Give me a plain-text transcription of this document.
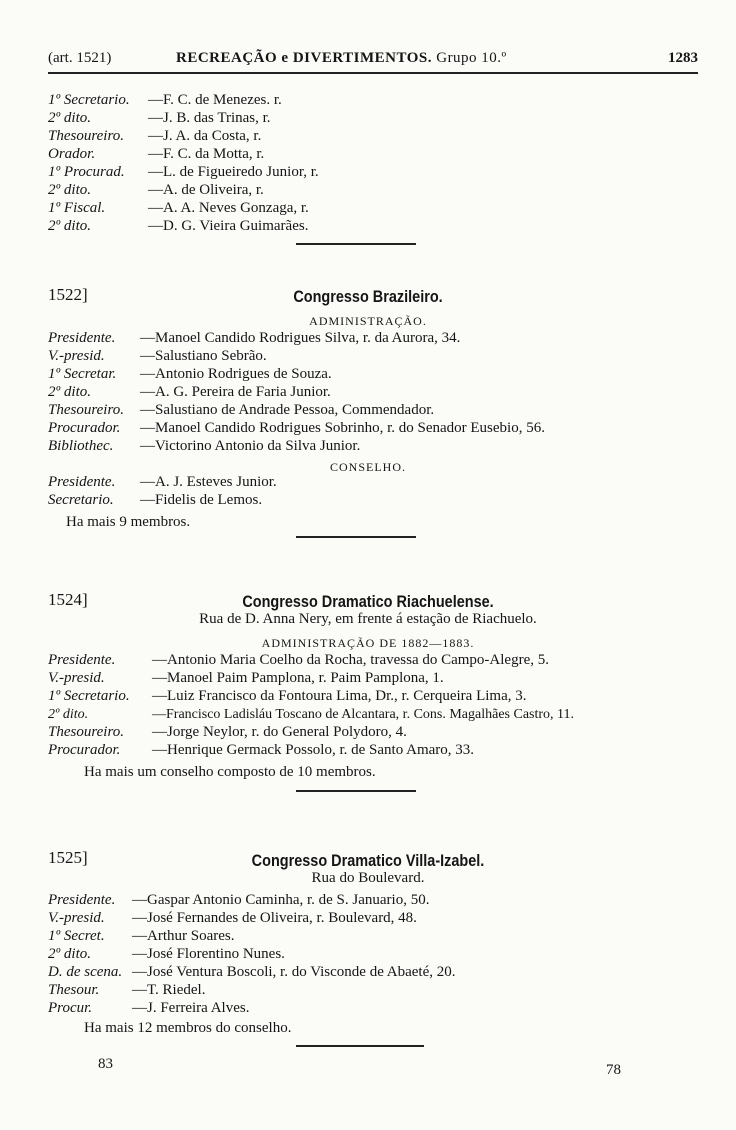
(art. 1521)	RECREAÇÃO e DIVERTIMENTOS. Grupo 10.º	1283
1º Secretario. —F. C. de Menezes. r.
2º dito.	—J. B. das Trinas, r.
Thesoureiro. —J. A. da Costa, r.
Orador.	—F. C. da Motta, r.
1º Procurad. —L. de Figueiredo Junior, r.
2º dito.	—A. de Oliveira, r.
1º Fiscal.	—A. A. Neves Gonzaga, r.
2º dito.	—D. G. Vieira Guimarães.
1522]	Congresso Brazileiro.
ADMINISTRAÇÃO.
Presidente. —Manoel Candido Rodrigues Silva, r. da Aurora, 34.
V.-presid. —Salustiano Sebrão.
1º Secretar. —Antonio Rodrigues de Souza.
2º dito.	—A. G. Pereira de Faria Junior.
Thesoureiro. —Salustiano de Andrade Pessoa, Commendador.
Procurador. —Manoel Candido Rodrigues Sobrinho, r. do Senador Eusebio, 56.
Bibliothec. —Victorino Antonio da Silva Junior.
CONSELHO.
Presidente. —A. J. Esteves Junior.
Secretario. —Fidelis de Lemos.
Ha mais 9 membros.
1524]	Congresso Dramatico Riachuelense.
Rua de D. Anna Nery, em frente á estação de Riachuelo.
ADMINISTRAÇÃO DE 1882—1883.
Presidente. —Antonio Maria Coelho da Rocha, travessa do Campo-Alegre, 5.
V.-presid.	—Manoel Paim Pamplona, r. Paim Pamplona, 1.
1º Secretario. —Luiz Francisco da Fontoura Lima, Dr., r. Cerqueira Lima, 3.
2º dito.	—Francisco Ladisláu Toscano de Alcantara, r. Cons. Magalhães Castro, 11.
Thesoureiro. —Jorge Neylor, r. do General Polydoro, 4.
Procurador. —Henrique Germack Possolo, r. de Santo Amaro, 33.
Ha mais um conselho composto de 10 membros.
1525]	Congresso Dramatico Villa-Izabel.
Rua do Boulevard.
Presidente. —Gaspar Antonio Caminha, r. de S. Januario, 50.
V.-presid. —José Fernandes de Oliveira, r. Boulevard, 48.
1º Secret. —Arthur Soares.
2º dito.	—José Florentino Nunes.
D. de scena. —José Ventura Boscoli, r. do Visconde de Abaeté, 20.
Thesour. —T. Riedel.
Procur.	—J. Ferreira Alves.
Ha mais 12 membros do conselho.
83	78
